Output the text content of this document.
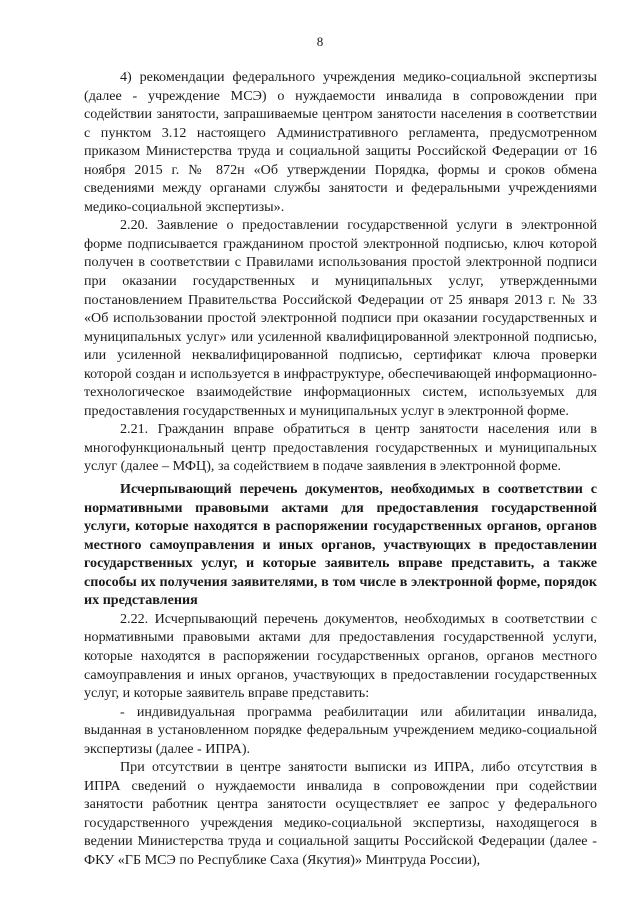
8

4) рекомендации федерального учреждения медико-социальной экспертизы (далее - учреждение МСЭ) о нуждаемости инвалида в сопровождении при содействии занятости, запрашиваемые центром занятости населения в соответствии с пунктом 3.12 настоящего Административного регламента, предусмотренном приказом Министерства труда и социальной защиты Российской Федерации от 16 ноября 2015 г. № 872н «Об утверждении Порядка, формы и сроков обмена сведениями между органами службы занятости и федеральными учреждениями медико-социальной экспертизы».

2.20. Заявление о предоставлении государственной услуги в электронной форме подписывается гражданином простой электронной подписью, ключ которой получен в соответствии с Правилами использования простой электронной подписи при оказании государственных и муниципальных услуг, утвержденными постановлением Правительства Российской Федерации от 25 января 2013 г. № 33 «Об использовании простой электронной подписи при оказании государственных и муниципальных услуг» или усиленной квалифицированной электронной подписью, или усиленной неквалифицированной подписью, сертификат ключа проверки которой создан и используется в инфраструктуре, обеспечивающей информационно-технологическое взаимодействие информационных систем, используемых для предоставления государственных и муниципальных услуг в электронной форме.

2.21. Гражданин вправе обратиться в центр занятости населения или в многофункциональный центр предоставления государственных и муниципальных услуг (далее – МФЦ), за содействием в подаче заявления в электронной форме.

Исчерпывающий перечень документов, необходимых в соответствии с нормативными правовыми актами для предоставления государственной услуги, которые находятся в распоряжении государственных органов, органов местного самоуправления и иных органов, участвующих в предоставлении государственных услуг, и которые заявитель вправе представить, а также способы их получения заявителями, в том числе в электронной форме, порядок их представления

2.22. Исчерпывающий перечень документов, необходимых в соответствии с нормативными правовыми актами для предоставления государственной услуги, которые находятся в распоряжении государственных органов, органов местного самоуправления и иных органов, участвующих в предоставлении государственных услуг, и которые заявитель вправе представить:

- индивидуальная программа реабилитации или абилитации инвалида, выданная в установленном порядке федеральным учреждением медико-социальной экспертизы (далее - ИПРА).

При отсутствии в центре занятости выписки из ИПРА, либо отсутствия в ИПРА сведений о нуждаемости инвалида в сопровождении при содействии занятости работник центра занятости осуществляет ее запрос у федерального государственного учреждения медико-социальной экспертизы, находящегося в ведении Министерства труда и социальной защиты Российской Федерации (далее - ФКУ «ГБ МСЭ по Республике Саха (Якутия)» Минтруда России),
